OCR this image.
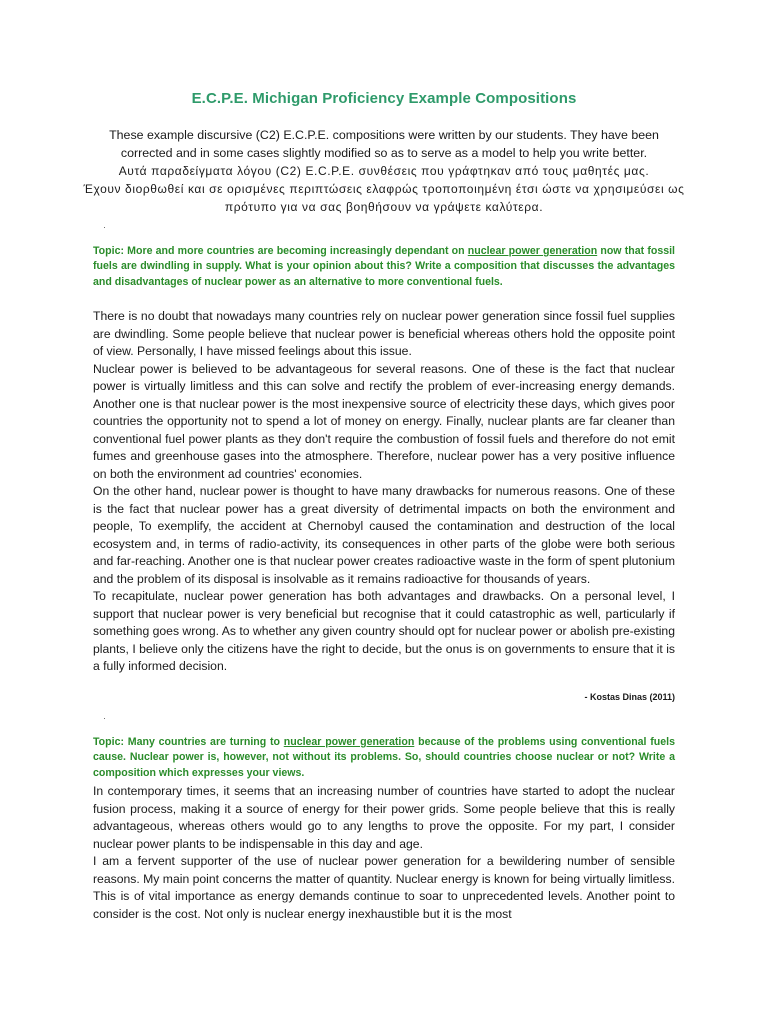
E.C.P.E. Michigan Proficiency Example Compositions

These example discursive (C2) E.C.P.E. compositions were written by our students. They have been corrected and in some cases slightly modified so as to serve as a model to help you write better.

Αυτά παραδείγματα λόγου (C2) E.C.P.E. συνθέσεις που γράφτηκαν από τους μαθητές μας.

Έχουν διορθωθεί και σε ορισμένες περιπτώσεις ελαφρώς τροποποιημένη έτσι ώστε να χρησιμεύσει ως πρότυπο για να σας βοηθήσουν να γράψετε καλύτερα.

·
Topic: More and more countries are becoming increasingly dependant on nuclear power generation now that fossil fuels are dwindling in supply. What is your opinion about this? Write a composition that discusses the advantages and disadvantages of nuclear power as an alternative to more conventional fuels.

There is no doubt that nowadays many countries rely on nuclear power generation since fossil fuel supplies are dwindling. Some people believe that nuclear power is beneficial whereas others hold the opposite point of view. Personally, I have missed feelings about this issue.

Nuclear power is believed to be advantageous for several reasons. One of these is the fact that nuclear power is virtually limitless and this can solve and rectify the problem of ever-increasing energy demands. Another one is that nuclear power is the most inexpensive source of electricity these days, which gives poor countries the opportunity not to spend a lot of money on energy. Finally, nuclear plants are far cleaner than conventional fuel power plants as they don't require the combustion of fossil fuels and therefore do not emit fumes and greenhouse gases into the atmosphere. Therefore, nuclear power has a very positive influence on both the environment ad countries' economies.

On the other hand, nuclear power is thought to have many drawbacks for numerous reasons. One of these is the fact that nuclear power has a great diversity of detrimental impacts on both the environment and people, To exemplify, the accident at Chernobyl caused the contamination and destruction of the local ecosystem and, in terms of radio-activity, its consequences in other parts of the globe were both serious and far-reaching. Another one is that nuclear power creates radioactive waste in the form of spent plutonium and the problem of its disposal is insolvable as it remains radioactive for thousands of years.

To recapitulate, nuclear power generation has both advantages and drawbacks. On a personal level, I support that nuclear power is very beneficial but recognise that it could catastrophic as well, particularly if something goes wrong. As to whether any given country should opt for nuclear power or abolish pre-existing plants, I believe only the citizens have the right to decide, but the onus is on governments to ensure that it is a fully informed decision.

- Kostas Dinas (2011)
·
Topic: Many countries are turning to nuclear power generation because of the problems using conventional fuels cause. Nuclear power is, however, not without its problems. So, should countries choose nuclear or not? Write a composition which expresses your views.

In contemporary times, it seems that an increasing number of countries have started to adopt the nuclear fusion process, making it a source of energy for their power grids. Some people believe that this is really advantageous, whereas others would go to any lengths to prove the opposite. For my part, I consider nuclear power plants to be indispensable in this day and age.

I am a fervent supporter of the use of nuclear power generation for a bewildering number of sensible reasons. My main point concerns the matter of quantity. Nuclear energy is known for being virtually limitless. This is of vital importance as energy demands continue to soar to unprecedented levels. Another point to consider is the cost. Not only is nuclear energy inexhaustible but it is the most
